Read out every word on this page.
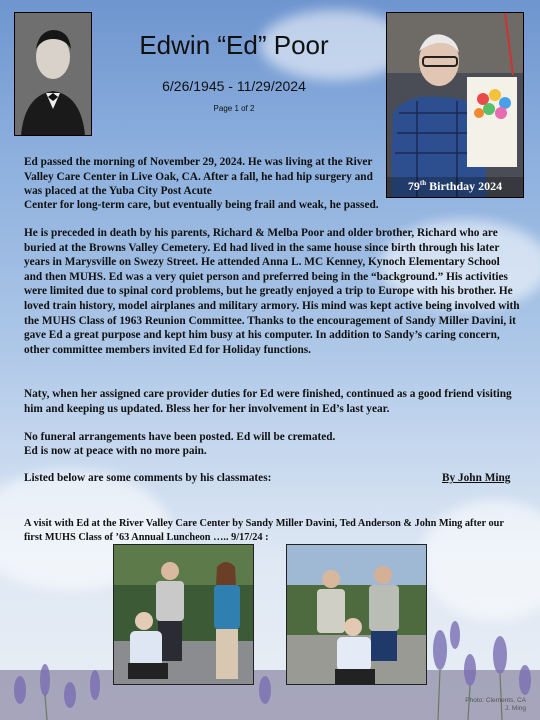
Edwin “Ed” Poor
6/26/1945 - 11/29/2024
Page 1 of 2
79th Birthday 2024

Ed passed the morning of November 29, 2024. He was living at the River Valley Care Center in Live Oak, CA. After a fall, he had hip surgery and was placed at the Yuba City Post Acute

Center for long-term care, but eventually being frail and weak, he passed.

He is preceded in death by his parents, Richard & Melba Poor and older brother, Richard who are buried at the Browns Valley Cemetery. Ed had lived in the same house since birth through his later years in Marysville on Swezy Street. He attended Anna L. MC Kenney, Kynoch Elementary School and then MUHS. Ed was a very quiet person and preferred being in the “background.” His activities were limited due to spinal cord problems, but he greatly enjoyed a trip to Europe with his brother. He loved train history, model airplanes and military armory. His mind was kept active being involved with the MUHS Class of 1963 Reunion Committee. Thanks to the encouragement of Sandy Miller Davini, it gave Ed a great purpose and kept him busy at his computer. In addition to Sandy’s caring concern, other committee members invited Ed for Holiday functions.

Naty, when her assigned care provider duties for Ed were finished, continued as a good friend visiting him and keeping us updated. Bless her for her involvement in Ed’s last year.

No funeral arrangements have been posted. Ed will be cremated.

Ed is now at peace with no more pain.

Listed below are some comments by his classmates:	By John Ming
A visit with Ed at the River Valley Care Center by Sandy Miller Davini, Ted Anderson & John Ming after our first MUHS Class of ’63 Annual Luncheon ….. 9/17/24 :
Photo: Clements, CA
J. Ming
